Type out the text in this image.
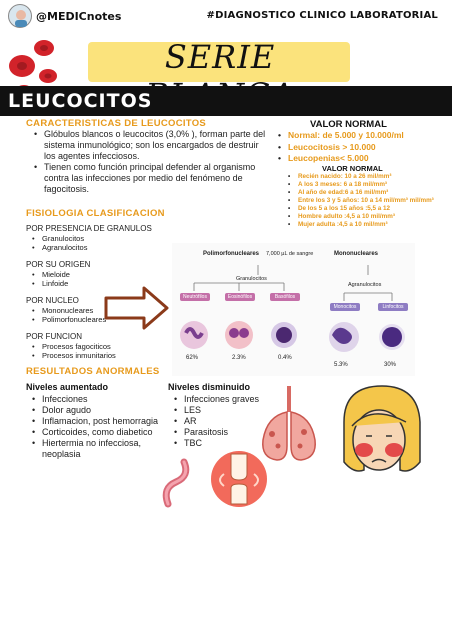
@MEDICnotes	#DIAGNOSTICO CLINICO LABORATORIAL
SERIE
LEUCOCITOS
CARACTERISTICAS DE LEUCOCITOS
• Glóbulos blancos o leucocitos (3,0% ), forman parte del sistema inmunológico; son los encargados de destruir los agentes infecciosos.
• Tienen como función principal defender al organismo contra las infecciones por medio del fenómeno de fagocitosis.
VALOR NORMAL
• Normal: de 5.000 y 10.000/ml
• Leucocitosis > 10.000
• Leucopenias< 5.000
VALOR NORMAL
• Recién nacido: 10 a 26 mil/mm³
• A los 3 meses: 6 a 18 mil/mm³
• Al año de edad:6 a 16 mil/mm³
• Entre los 3 y 5 años: 10 a 14 mil/mm³ mil/mm³
• De los 5 a los 15 años :5,5 a 12
• Hombre adulto :4,5 a 10 mil/mm³
• Mujer adulta :4,5 a 10 mil/mm³
FISIOLOGIA CLASIFICACION
POR PRESENCIA DE GRANULOS
• Granulocitos
• Agranulocitos
POR SU ORIGEN
• Mieloide
• Linfoide
POR NUCLEO
• Mononucleares
• Polimorfonucleares
POR FUNCION
• Procesos fagociticos
• Procesos inmunitarios
Polimorfonucleares 7,000 µL de sangre	Mononucleares
Granulocitos
Agranulocitos
Neutrófilos	Eosinófilos	Basófilos
Monocitos	Linfocitos
62%	2.3%	0.4%
5.3%	30%
RESULTADOS ANORMALES
Niveles aumentado
• Infecciones
• Dolor agudo
• Inflamacion, post hemorragia
• Corticoides, como diabetico
• Hiertermia no infecciosa, neoplasia
Niveles disminuido
• Infecciones graves
• LES
• AR
• Parasitosis
• TBC
